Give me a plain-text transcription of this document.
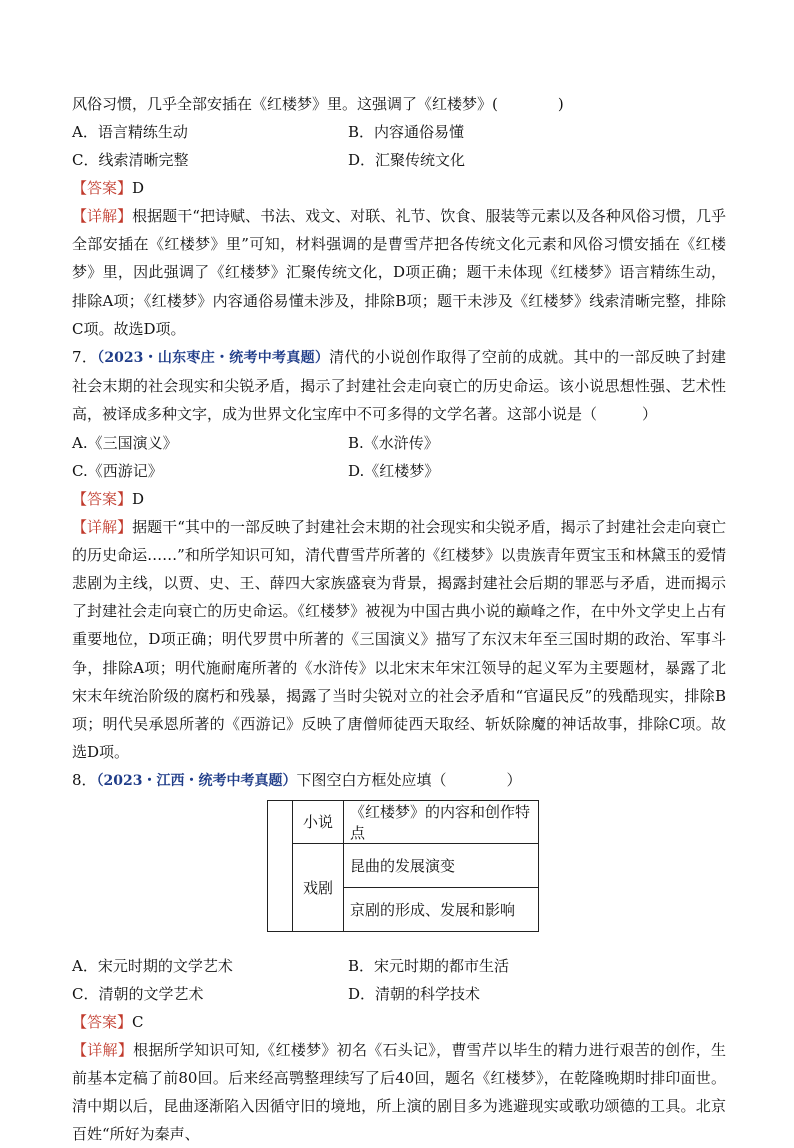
风俗习惯，几乎全部安插在《红楼梦》里。这强调了《红楼梦》(　　　　)
A．语言精练生动	B．内容通俗易懂
C．线索清晰完整	D．汇聚传统文化
【答案】D
【详解】根据题干“把诗赋、书法、戏文、对联、礼节、饮食、服装等元素以及各种风俗习惯，几乎全部安插在《红楼梦》里”可知，材料强调的是曹雪芹把各传统文化元素和风俗习惯安插在《红楼梦》里，因此强调了《红楼梦》汇聚传统文化，D项正确；题干未体现《红楼梦》语言精练生动，排除A项；《红楼梦》内容通俗易懂未涉及，排除B项；题干未涉及《红楼梦》线索清晰完整，排除C项。故选D项。
7．（2023・山东枣庄・统考中考真题）清代的小说创作取得了空前的成就。其中的一部反映了封建社会末期的社会现实和尖锐矛盾，揭示了封建社会走向衰亡的历史命运。该小说思想性强、艺术性高，被译成多种文字，成为世界文化宝库中不可多得的文学名著。这部小说是（　　　）
A.《三国演义》	B.《水浒传》
C.《西游记》	D.《红楼梦》
【答案】D
【详解】据题干“其中的一部反映了封建社会末期的社会现实和尖锐矛盾，揭示了封建社会走向衰亡的历史命运……”和所学知识可知，清代曹雪芹所著的《红楼梦》以贵族青年贾宝玉和林黛玉的爱情悲剧为主线，以贾、史、王、薛四大家族盛衰为背景，揭露封建社会后期的罪恶与矛盾，进而揭示了封建社会走向衰亡的历史命运。《红楼梦》被视为中国古典小说的巅峰之作，在中外文学史上占有重要地位，D项正确；明代罗贯中所著的《三国演义》描写了东汉末年至三国时期的政治、军事斗争，排除A项；明代施耐庵所著的《水浒传》以北宋末年宋江领导的起义军为主要题材，暴露了北宋末年统治阶级的腐朽和残暴，揭露了当时尖锐对立的社会矛盾和“官逼民反”的残酷现实，排除B项；明代吴承恩所著的《西游记》反映了唐僧师徒西天取经、斩妖除魔的神话故事，排除C项。故选D项。
8．（2023・江西・统考中考真题）下图空白方框处应填（　　　　）
	小说	《红楼梦》的内容和创作特点
	戏剧	昆曲的发展演变
		京剧的形成、发展和影响
A．宋元时期的文学艺术	B．宋元时期的都市生活
C．清朝的文学艺术	D．清朝的科学技术
【答案】C
【详解】根据所学知识可知,《红楼梦》初名《石头记》，曹雪芹以毕生的精力进行艰苦的创作，生前基本定稿了前80回。后来经高鹗整理续写了后40回，题名《红楼梦》，在乾隆晚期时排印面世。清中期以后，昆曲逐渐陷入因循守旧的境地，所上演的剧目多为逃避现实或歌功颂德的工具。北京百姓“所好为秦声、
